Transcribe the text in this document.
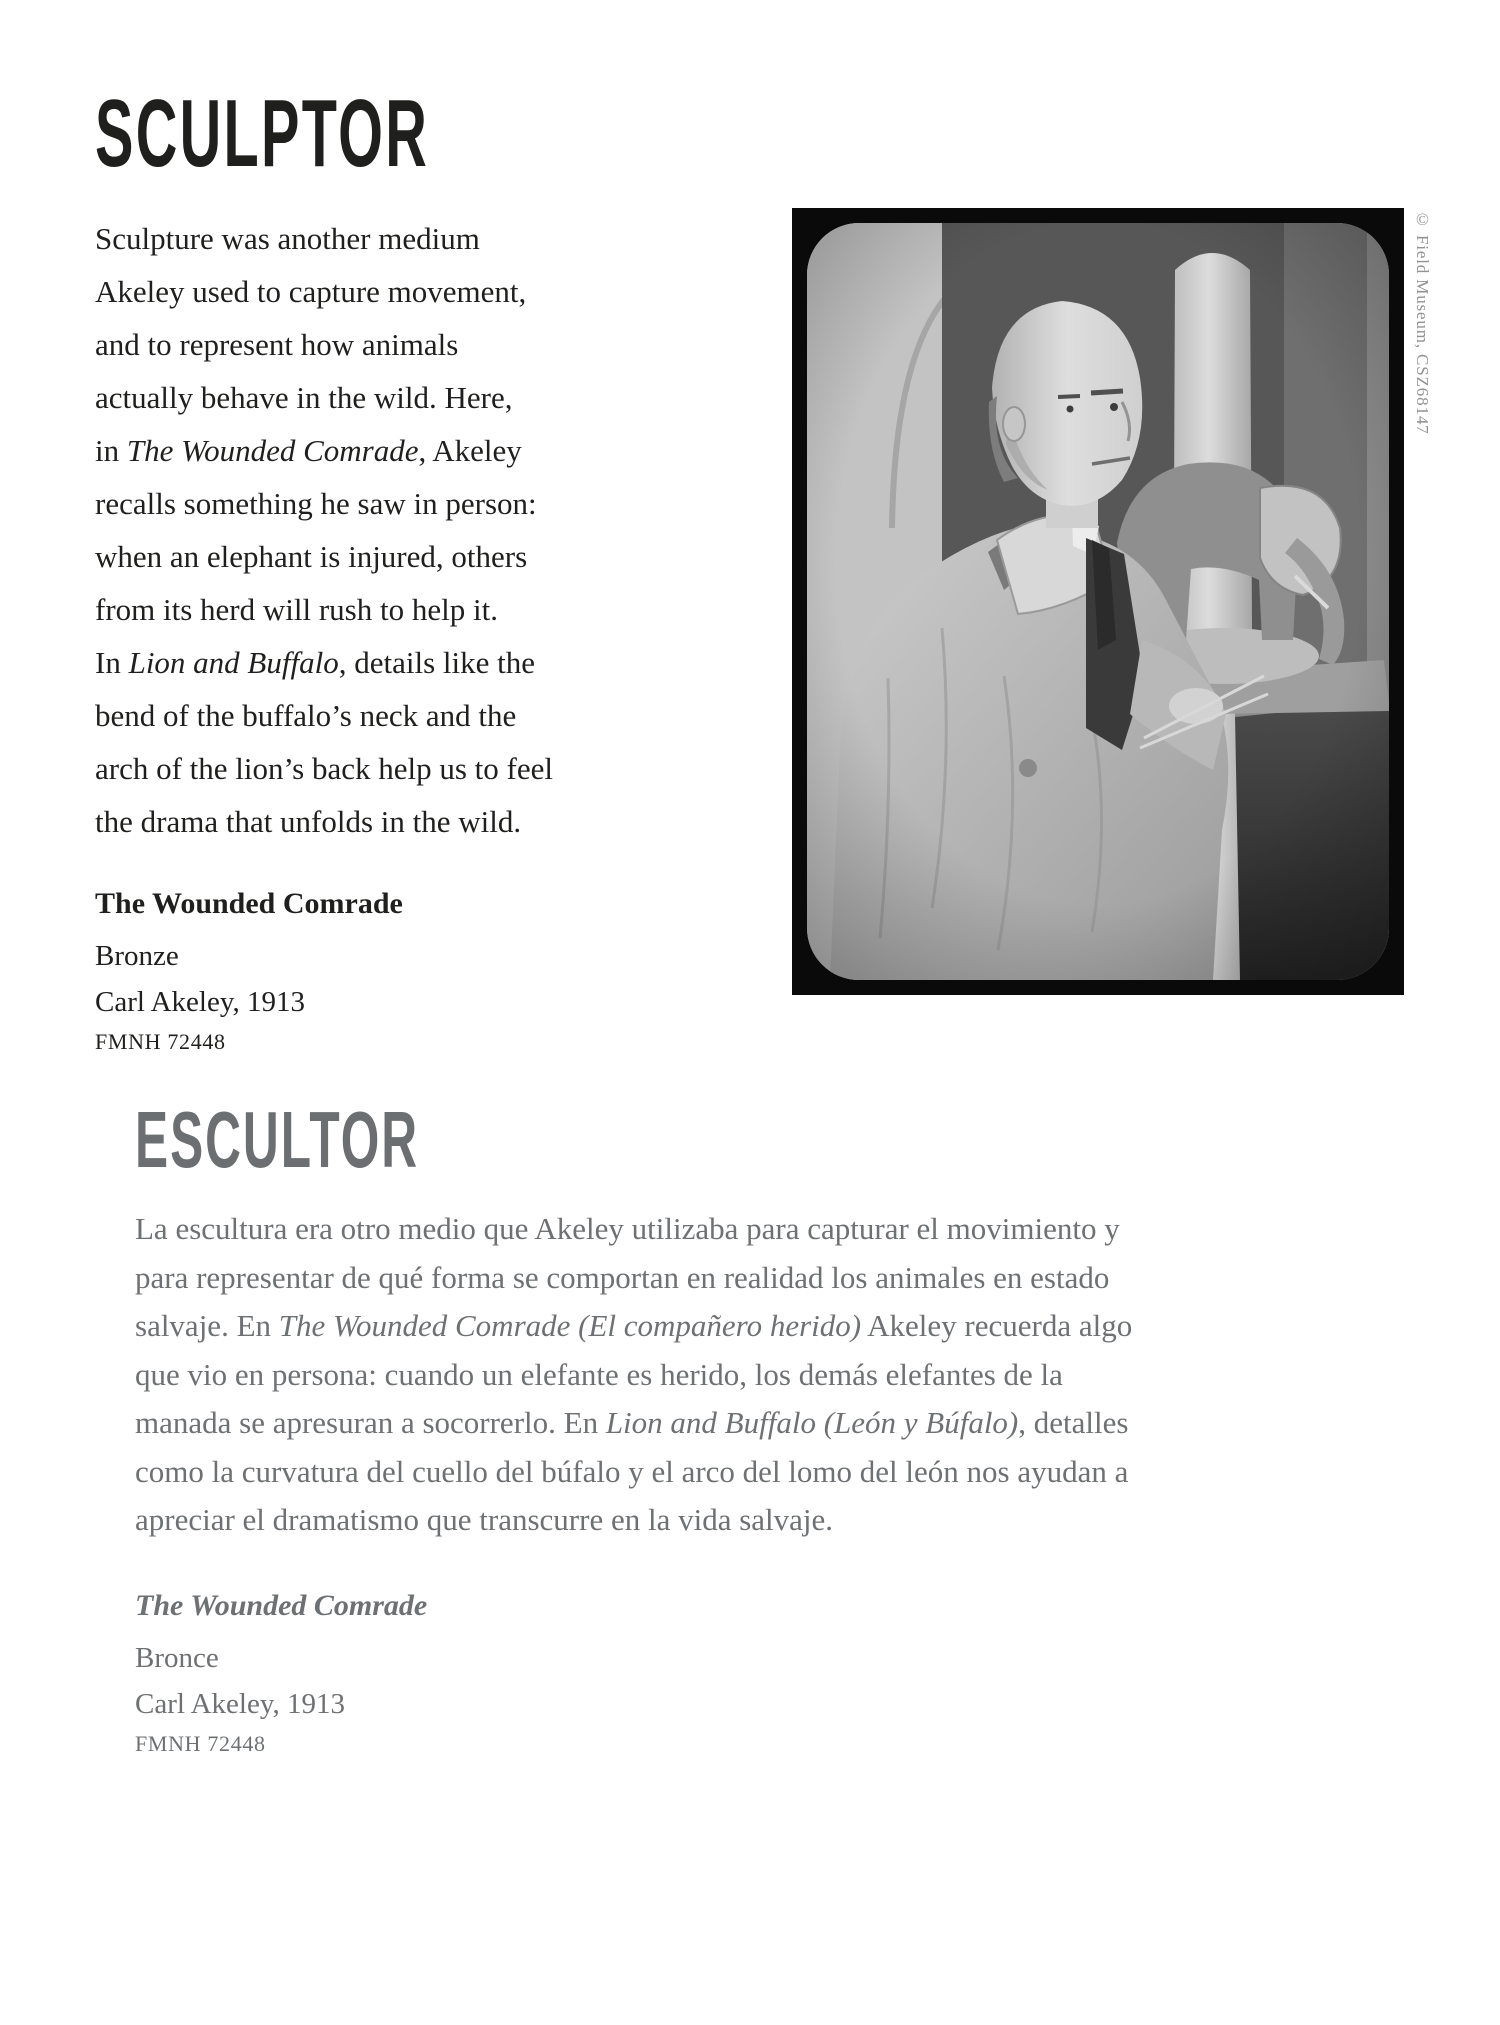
SCULPTOR
Sculpture was another medium
Akeley used to capture movement,
and to represent how animals
actually behave in the wild. Here,
in The Wounded Comrade, Akeley
recalls something he saw in person:
when an elephant is injured, others
from its herd will rush to help it.
In Lion and Buffalo, details like the
bend of the buffalo’s neck and the
arch of the lion’s back help us to feel
the drama that unfolds in the wild.
The Wounded Comrade
Bronze
Carl Akeley, 1913
FMNH 72448
© Field Museum, CSZ68147
ESCULTOR
La escultura era otro medio que Akeley utilizaba para capturar el movimiento y
para representar de qué forma se comportan en realidad los animales en estado
salvaje. En The Wounded Comrade (El compañero herido) Akeley recuerda algo
que vio en persona: cuando un elefante es herido, los demás elefantes de la
manada se apresuran a socorrerlo. En Lion and Buffalo (León y Búfalo), detalles
como la curvatura del cuello del búfalo y el arco del lomo del león nos ayudan a
apreciar el dramatismo que transcurre en la vida salvaje.
The Wounded Comrade
Bronce
Carl Akeley, 1913
FMNH 72448
